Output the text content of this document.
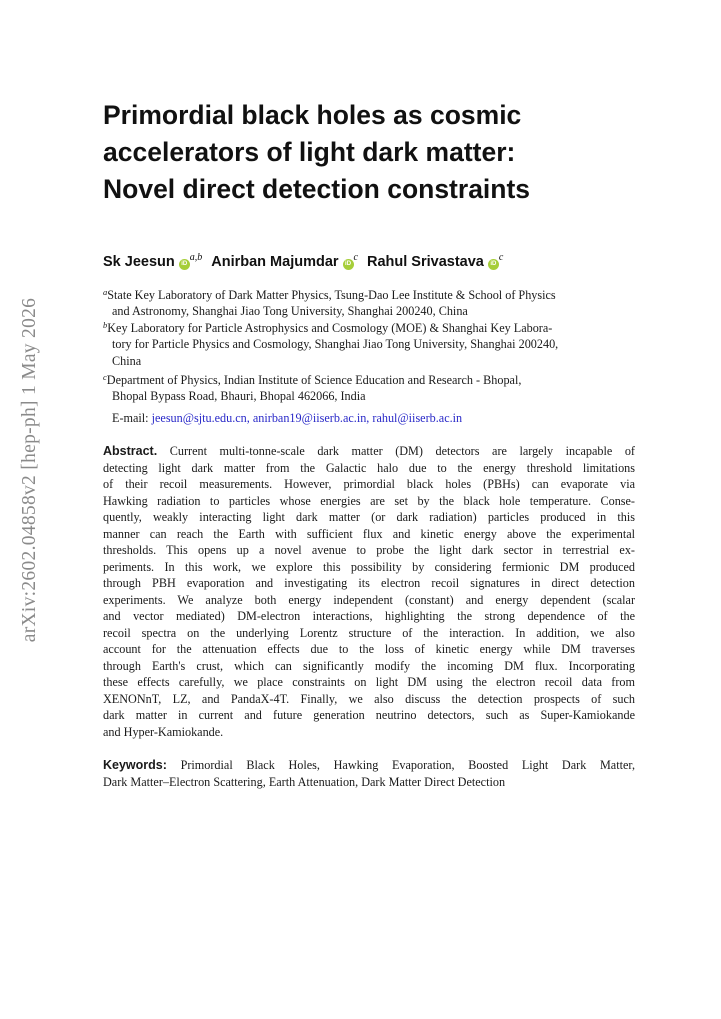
arXiv:2602.04858v2 [hep-ph] 1 May 2026
Primordial black holes as cosmic
accelerators of light dark matter:
Novel direct detection constraints
Sk Jeesun iD$^{a,b}$ Anirban Majumdar $iD^c$ Rahul Srivastava $iD^c$
$^a$State Key Laboratory of Dark Matter Physics, Tsung-Dao Lee Institute & School of Physics
and Astronomy, Shanghai Jiao Tong University, Shanghai 200240, China
$^b$Key Laboratory for Particle Astrophysics and Cosmology (MOE) & Shanghai Key Labora-
tory for Particle Physics and Cosmology, Shanghai Jiao Tong University, Shanghai 200240,
China
$^c$Department of Physics, Indian Institute of Science Education and Research - Bhopal,
Bhopal Bypass Road, Bhauri, Bhopal 462066, India
E-mail: jeesun@sjtu.edu.cn, anirban19@iiserb.ac.in, rahul@iiserb.ac.in
Abstract. Current multi-tonne-scale dark matter (DM) detectors are largely incapable of
detecting light dark matter from the Galactic halo due to the energy threshold limitations
of their recoil measurements. However, primordial black holes (PBHs) can evaporate via
Hawking radiation to particles whose energies are set by the black hole temperature. Conse-
quently, weakly interacting light dark matter (or dark radiation) particles produced in this
manner can reach the Earth with sufficient flux and kinetic energy above the experimental
thresholds. This opens up a novel avenue to probe the light dark sector in terrestrial ex-
periments. In this work, we explore this possibility by considering fermionic DM produced
through PBH evaporation and investigating its electron recoil signatures in direct detection
experiments. We analyze both energy independent (constant) and energy dependent (scalar
and vector mediated) DM-electron interactions, highlighting the strong dependence of the
recoil spectra on the underlying Lorentz structure of the interaction. In addition, we also
account for the attenuation effects due to the loss of kinetic energy while DM traverses
through Earth's crust, which can significantly modify the incoming DM flux. Incorporating
these effects carefully, we place constraints on light DM using the electron recoil data from
XENONnT, LZ, and PandaX-4T. Finally, we also discuss the detection prospects of such
dark matter in current and future generation neutrino detectors, such as Super-Kamiokande
and Hyper-Kamiokande.
Keywords: Primordial Black Holes, Hawking Evaporation, Boosted Light Dark Matter,
Dark Matter–Electron Scattering, Earth Attenuation, Dark Matter Direct Detection
